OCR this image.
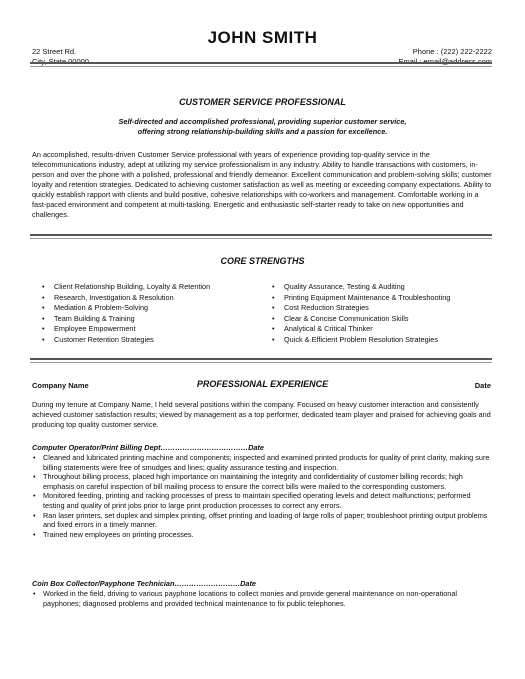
JOHN SMITH
22 Street Rd.	Phone : (222) 222-2222
CUSTOMER SERVICE PROFESSIONAL
Self-directed and accomplished professional, providing superior customer service,
offering strong relationship-building skills and a passion for excellence.
An accomplished, results-driven Customer Service professional with years of experience providing top-quality service in the telecommunications industry, adept at utilizing my service professionalism in any industry. Ability to handle transactions with customers, in-person and over the phone with a polished, professional and friendly demeanor. Excellent communication and problem-solving skills; customer loyalty and retention strategies. Dedicated to achieving customer satisfaction as well as meeting or exceeding company expectations. Ability to quickly establish rapport with clients and build positive, cohesive relationships with co-workers and management. Comfortable working in a fast-paced environment and competent at multi-tasking. Energetic and enthusiastic self-starter ready to take on new opportunities and challenges.
CORE STRENGTHS
• Client Relationship Building, Loyalty & Retention
• Research, Investigation & Resolution
• Mediation & Problem-Solving
• Team Building & Training
• Employee Empowerment
• Customer Retention Strategies
• Quality Assurance, Testing & Auditing
• Printing Equipment Maintenance & Troubleshooting
• Cost Reduction Strategies
• Clear & Concise Communication Skills
• Analytical & Critical Thinker
• Quick & Efficient Problem Resolution Strategies
Company Name	Date
During my tenure at Company Name, I held several positions within the company. Focused on heavy customer interaction and consistently achieved customer satisfaction results; viewed by management as a top performer, dedicated team player and praised for achieving goals and producing top quality customer service.
Computer Operator/Print Billing Dept………………………………Date
• Cleaned and lubricated printing machine and components; inspected and examined printed products for quality of print clarity, making sure billing statements were free of smudges and lines; quality assurance testing and inspection.
• Throughout billing process, placed high importance on maintaining the integrity and confidentiality of customer billing records; high emphasis on careful inspection of bill mailing process to ensure the correct bills were mailed to the corresponding customers.
• Monitored feeding, printing and racking processes of press to maintain specified operating levels and detect malfunctions; performed testing and quality of print jobs prior to large print production processes to correct any errors.
• Ran laser printers, set duplex and simplex printing, offset printing and loading of large rolls of paper; troubleshoot printing output problems and fixed errors in a timely manner.
• Trained new employees on printing processes.
Coin Box Collector/Payphone Technician………………………Date
• Worked in the field, driving to various payphone locations to collect monies and provide general maintenance on non-operational payphones; diagnosed problems and provided technical maintenance to fix public telephones.
PROFESSIONAL EXPERIENCE
